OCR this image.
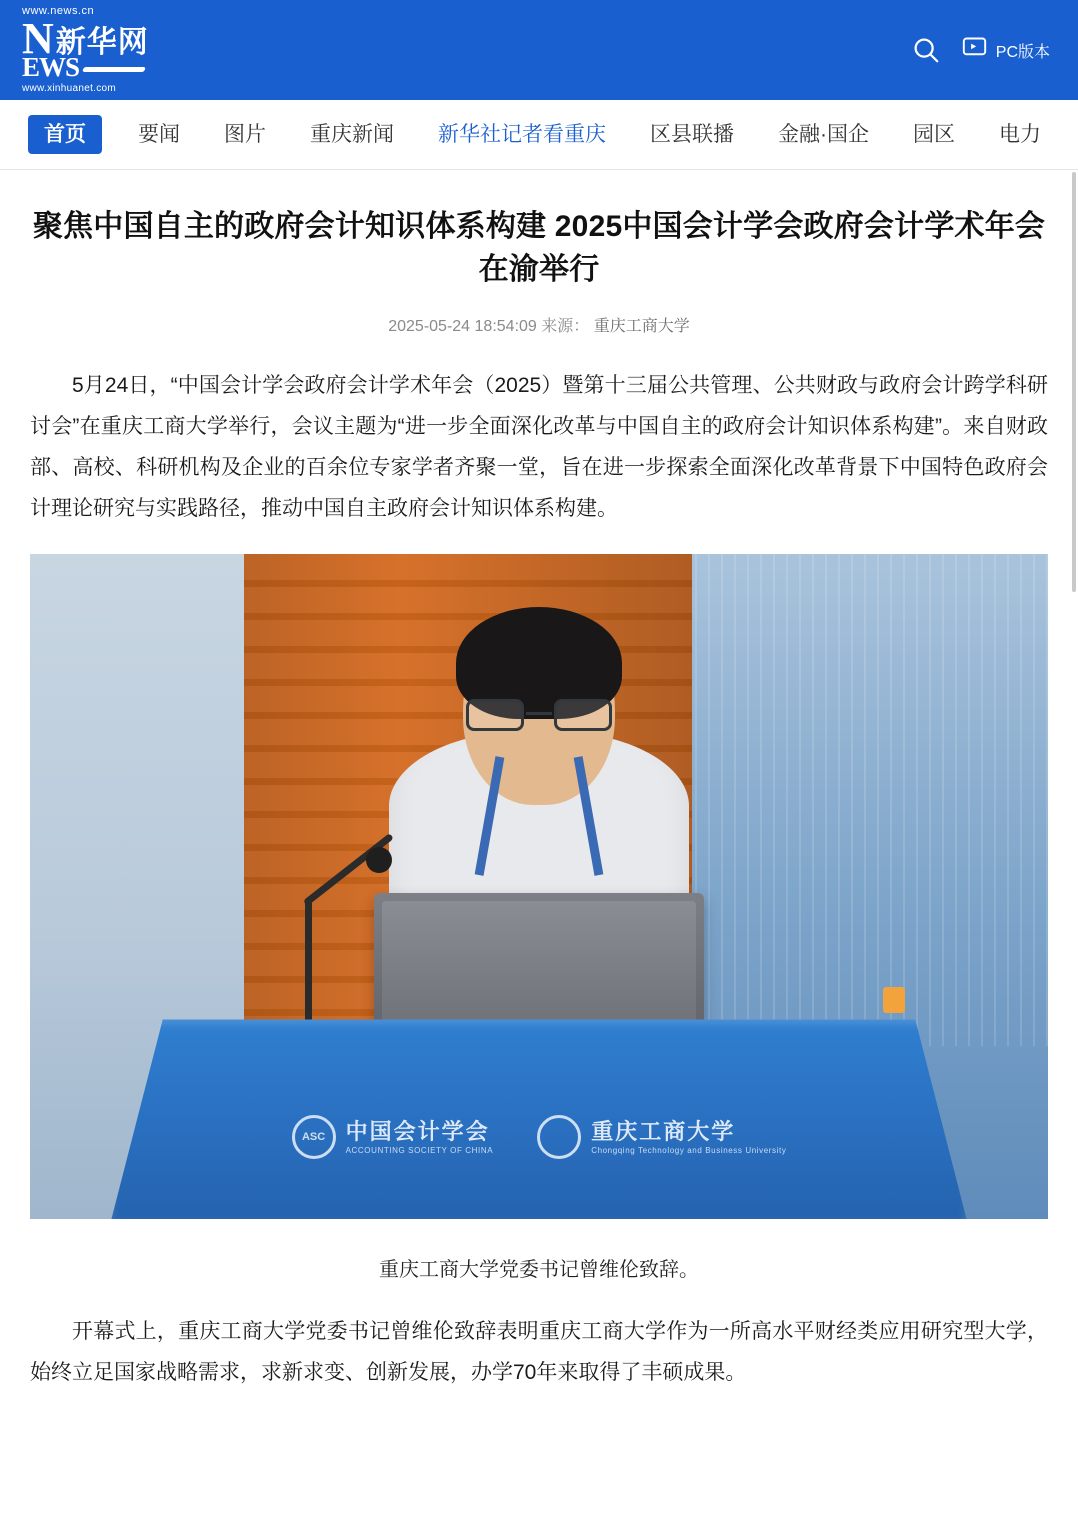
www.news.cn
N 新华网
EWS
www.xinhuanet.com
PC版本
首页	要闻	图片	重庆新闻	新华社记者看重庆	区县联播	金融·国企	园区	电力
聚焦中国自主的政府会计知识体系构建 2025中国会计学会政府会计学术年会在渝举行
2025-05-24 18:54:09 来源： 重庆工商大学

5月24日，“中国会计学会政府会计学术年会（2025）暨第十三届公共管理、公共财政与政府会计跨学科研讨会”在重庆工商大学举行，会议主题为“进一步全面深化改革与中国自主的政府会计知识体系构建”。来自财政部、高校、科研机构及企业的百余位专家学者齐聚一堂，旨在进一步探索全面深化改革背景下中国特色政府会计理论研究与实践路径，推动中国自主政府会计知识体系构建。

ASC 中国会计学会
ACCOUNTING SOCIETY OF CHINA
重庆工商大学
Chongqing Technology and Business University
重庆工商大学党委书记曾维伦致辞。

开幕式上，重庆工商大学党委书记曾维伦致辞表明重庆工商大学作为一所高水平财经类应用研究型大学，始终立足国家战略需求，求新求变、创新发展，办学70年来取得了丰硕成果。
